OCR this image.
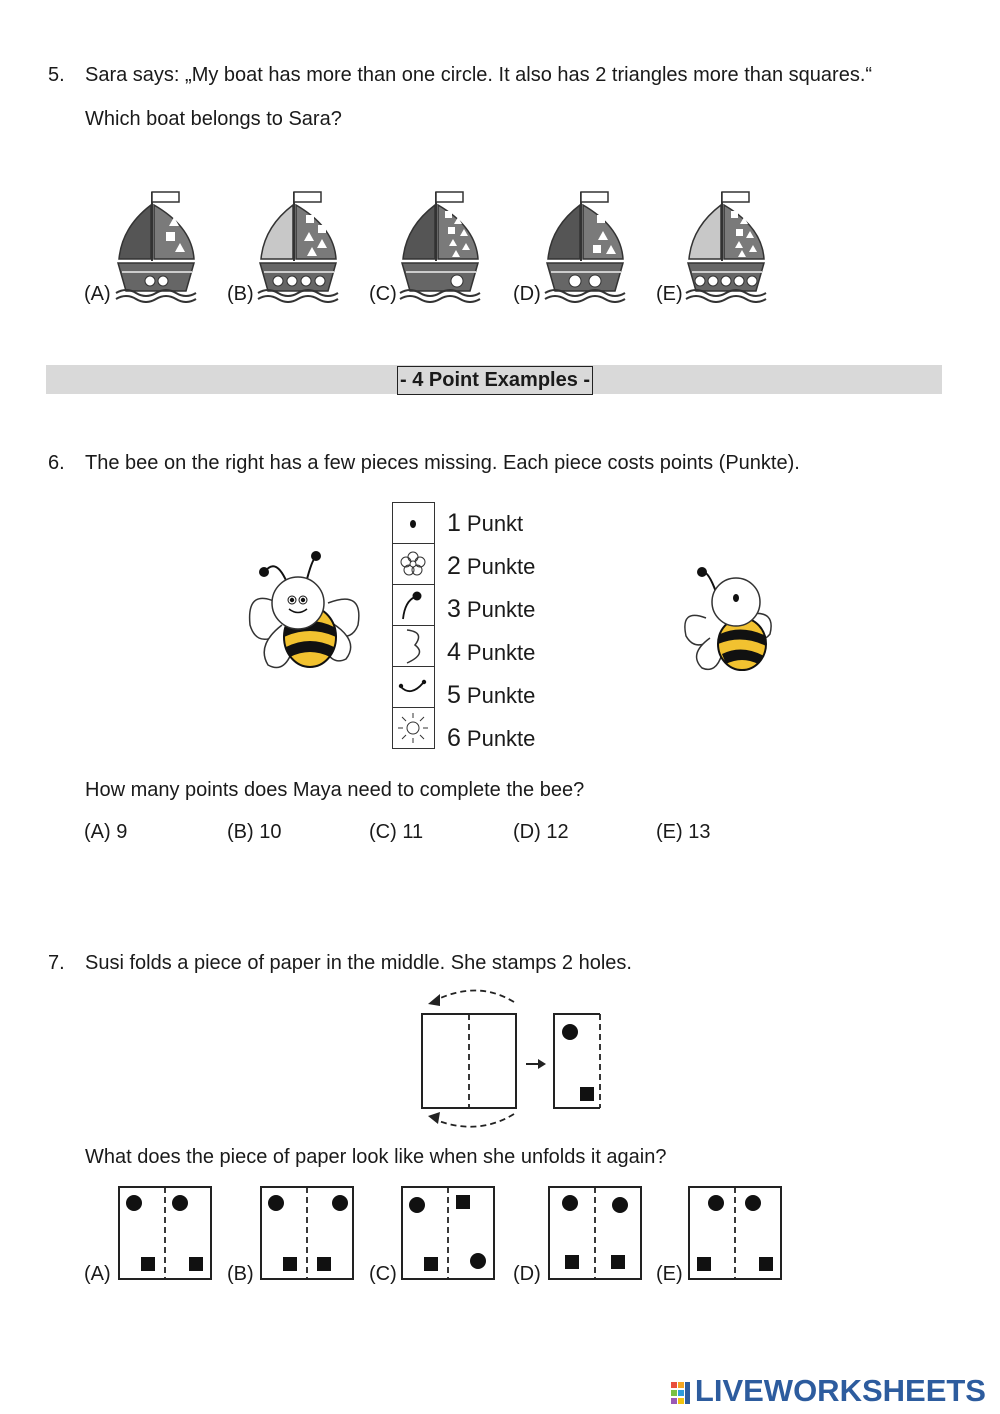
5. Sara says: „My boat has more than one circle. It also has 2 triangles more than squares.“
Which boat belongs to Sara?
(A)	(B)	(C)	(D)	(E)
- 4 Point Examples -
6. The bee on the right has a few pieces missing. Each piece costs points (Punkte).
1 Punkt
2 Punkte
3 Punkte
4 Punkte
5 Punkte
6 Punkte
How many points does Maya need to complete the bee?
(A) 9	(B) 10	(C) 11	(D) 12	(E) 13
7. Susi folds a piece of paper in the middle. She stamps 2 holes.
What does the piece of paper look like when she unfolds it again?
(A)	(B)	(C)	(D)	(E)
LIVEWORKSHEETS
